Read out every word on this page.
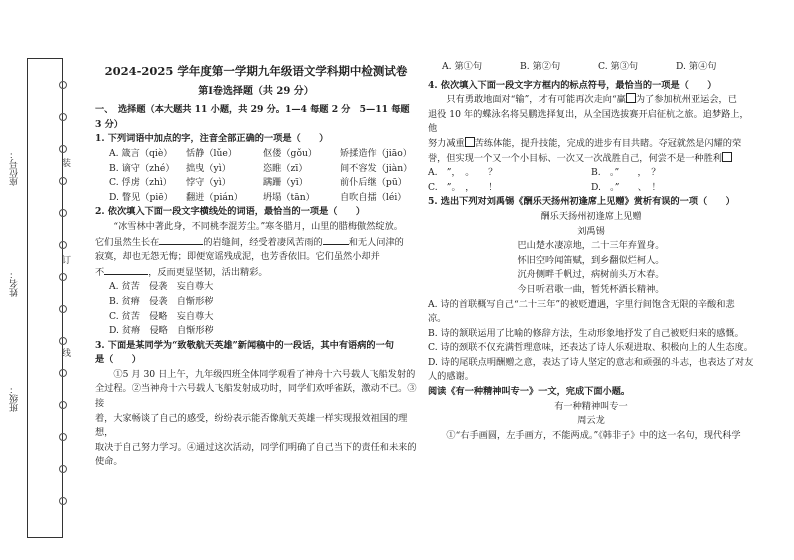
座位号：
姓名：
班级：
装
订
线
2024-2025 学年度第一学期九年级语文学科期中检测试卷
第Ⅰ卷选择题（共 29 分）
一、　选择题（本大题共 11 小题，共 29 分。1—4 每题 2 分　5—11 每题 3 分）
1. 下列词语中加点的字，注音全部正确的一项是（　　）
A. 箴言（qiè）	恬静（lǔe）	伛偻（gǒu）	矫揉造作（jiāo）
B. 谪守（zhé）	拙曳（yì）	恣睢（zī）	间不容发（jiàn）
C. 俘虏（zhì）	悖守（yì）	蹒跚（yī）	前仆后继（pū）
D. 瞥见（piē）	翻迸（pián）	坍塌（tān）	自吹自擂（léi）
2. 依次填入下面一段文字横线处的词语，最恰当的一项是（　　）
“冰雪林中著此身，不同桃李混芳尘。”寒冬腊月，山里的腊梅傲然绽放。
它们虽然生长在	的岩缝间，经受着凄风苦雨的	和无人问津的
寂寞，却也无怨无悔；即便宽谣残成泥，也芳香依旧。它们虽然小却并
不	，反而更显坚韧，活出精彩。
A. 贫苦　侵袭　妄自尊大
B. 贫瘠　侵袭　自惭形秽
C. 贫苦　侵略　妄自尊大
D. 贫瘠　侵略　自惭形秽
3. 下面是某同学为“致敬航天英雄”新闻稿中的一段话，其中有语病的一句
是（　　）
①5 月 30 日上午，九年级四班全体同学观看了神舟十六号载人飞船发射的
全过程。②当神舟十六号载人飞船发射成功时，同学们欢呼雀跃，激动不已。③接
着，大家畅谈了自己的感受，纷纷表示能否像航天英雄一样实现报效祖国的理想，
取决于自己努力学习。④通过这次活动，同学们明确了自己当下的责任和未来的
使命。
A. 第①句	B. 第②句	C. 第③句	D. 第④句
4. 依次填入下面一段文字方框内的标点符号，最恰当的一项是（　　）
只有勇敢地面对“输”，才有可能再次走向“赢 为了参加杭州亚运会，已
退役 10 年的蝶泳名将吴鹏选择复出，从全国选拔赛开启征杭之旅。追梦路上，他
努力减重 苦练体能，提升技能，完成的进步有目共睹。夺冠就然是闪耀的荣
誉，但实现一个又一个小目标、一次又一次战胜自己，何尝不是一种胜利
A.　”，　。　　？	B.　。”　　，　？
C.　”。　，　　！	D.　。”　　、　！
5. 选出下列对刘禹锡《酬乐天扬州初逢席上见赠》赏析有误的一项（　　）
酬乐天扬州初逢席上见赠
刘禹锡
巴山楚水凄凉地，二十三年弃置身。
怀旧空吟闻笛赋，到乡翻似烂柯人。
沉舟侧畔千帆过，病树前头万木春。
今日听君歌一曲，暂凭杯酒长精神。
A. 诗的首联概写自己“二十三年”的被贬遭遇，字里行间饱含无限的辛酸和悲
凉。
B. 诗的颔联运用了比喻的修辞方法，生动形象地抒发了自己被贬归来的感慨。
C. 诗的颈联不仅充满哲理意味，还表达了诗人乐观进取、积极向上的人生态度。
D. 诗的尾联点明酬赠之意，表达了诗人坚定的意志和顽强的斗志，也表达了对友
人的感谢。
阅读《有一种精神叫专一》一文，完成下面小题。
有一种精神叫专一
周云龙
①“右手画圆，左手画方，不能两成。”《韩非子》中的这一名句，现代科学
